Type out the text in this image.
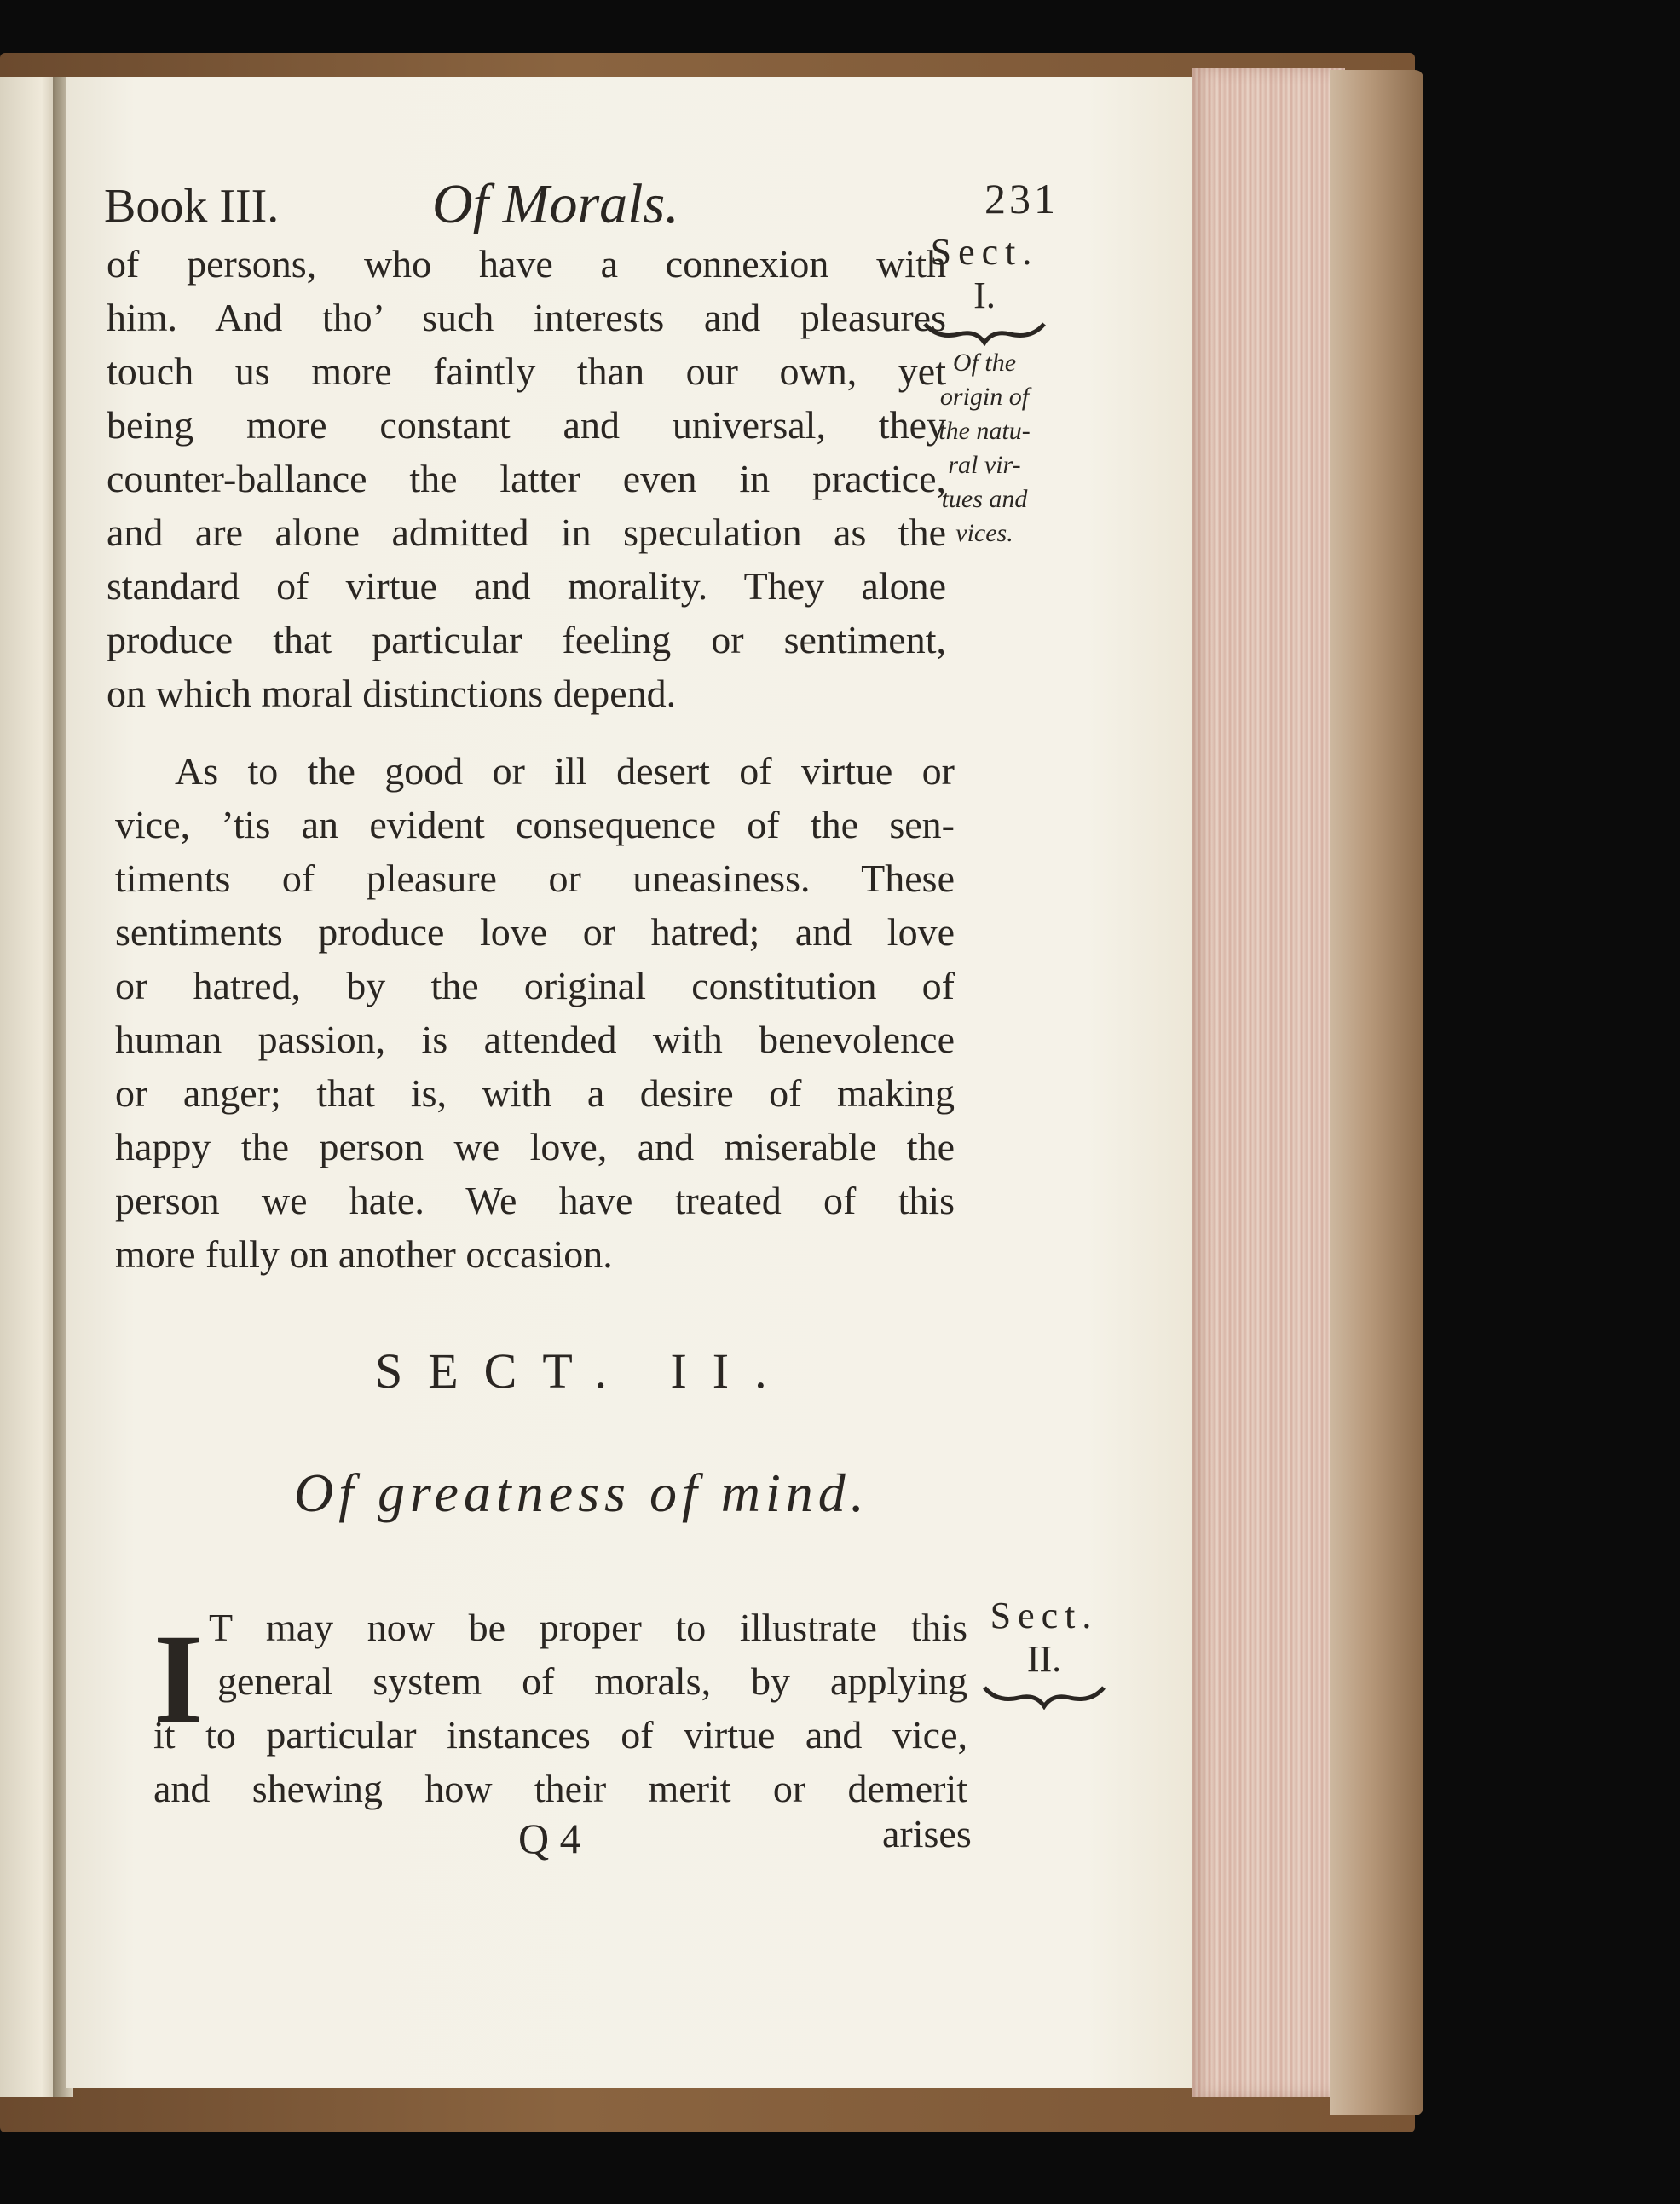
Book III.	Of Morals.	231
Sect.
I.
Of the
origin of
the natu-
ral vir-
tues and
vices.
of persons, who have a connexion with
him. And tho’ such interests and pleasures
touch us more faintly than our own, yet
being more constant and universal, they
counter-ballance the latter even in practice,
and are alone admitted in speculation as the
standard of virtue and morality. They alone
produce that particular feeling or sentiment,
on which moral distinctions depend.
As to the good or ill desert of virtue or
vice, ’tis an evident consequence of the sen-
timents of pleasure or uneasiness. These
sentiments produce love or hatred; and love
or hatred, by the original constitution of
human passion, is attended with benevolence
or anger; that is, with a desire of making
happy the person we love, and miserable the
person we hate. We have treated of this
more fully on another occasion.
SECT. II.
Of greatness of mind.
Sect.
II.
I T may now be proper to illustrate this
general system of morals, by applying
it to particular instances of virtue and vice,
and shewing how their merit or demerit
Q 4	arises
